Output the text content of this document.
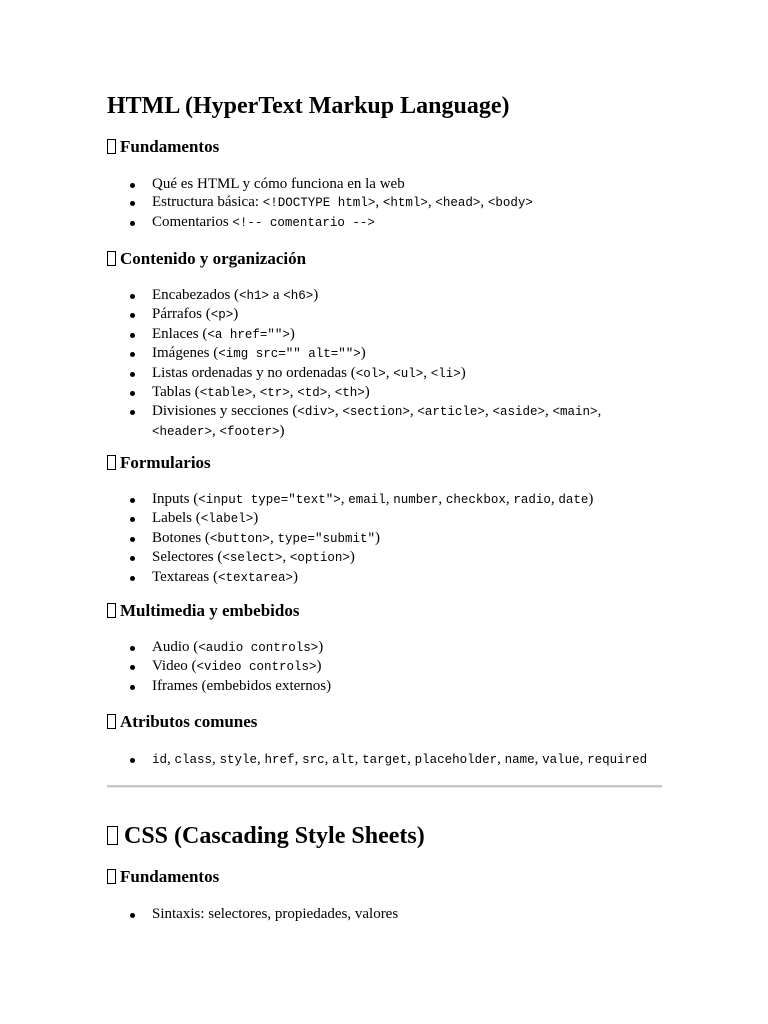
HTML (HyperText Markup Language)
Fundamentos
Qué es HTML y cómo funciona en la web
Estructura básica: <!DOCTYPE html>, <html>, <head>, <body>
Comentarios <!-- comentario -->
Contenido y organización
Encabezados (<h1> a <h6>)
Párrafos (<p>)
Enlaces (<a href="">)
Imágenes (<img src="" alt="">)
Listas ordenadas y no ordenadas (<ol>, <ul>, <li>)
Tablas (<table>, <tr>, <td>, <th>)
Divisiones y secciones (<div>, <section>, <article>, <aside>, <main>, <header>, <footer>)
Formularios
Inputs (<input type="text">, email, number, checkbox, radio, date)
Labels (<label>)
Botones (<button>, type="submit")
Selectores (<select>, <option>)
Textareas (<textarea>)
Multimedia y embebidos
Audio (<audio controls>)
Video (<video controls>)
Iframes (embebidos externos)
Atributos comunes
id, class, style, href, src, alt, target, placeholder, name, value, required
CSS (Cascading Style Sheets)
Fundamentos
Sintaxis: selectores, propiedades, valores
